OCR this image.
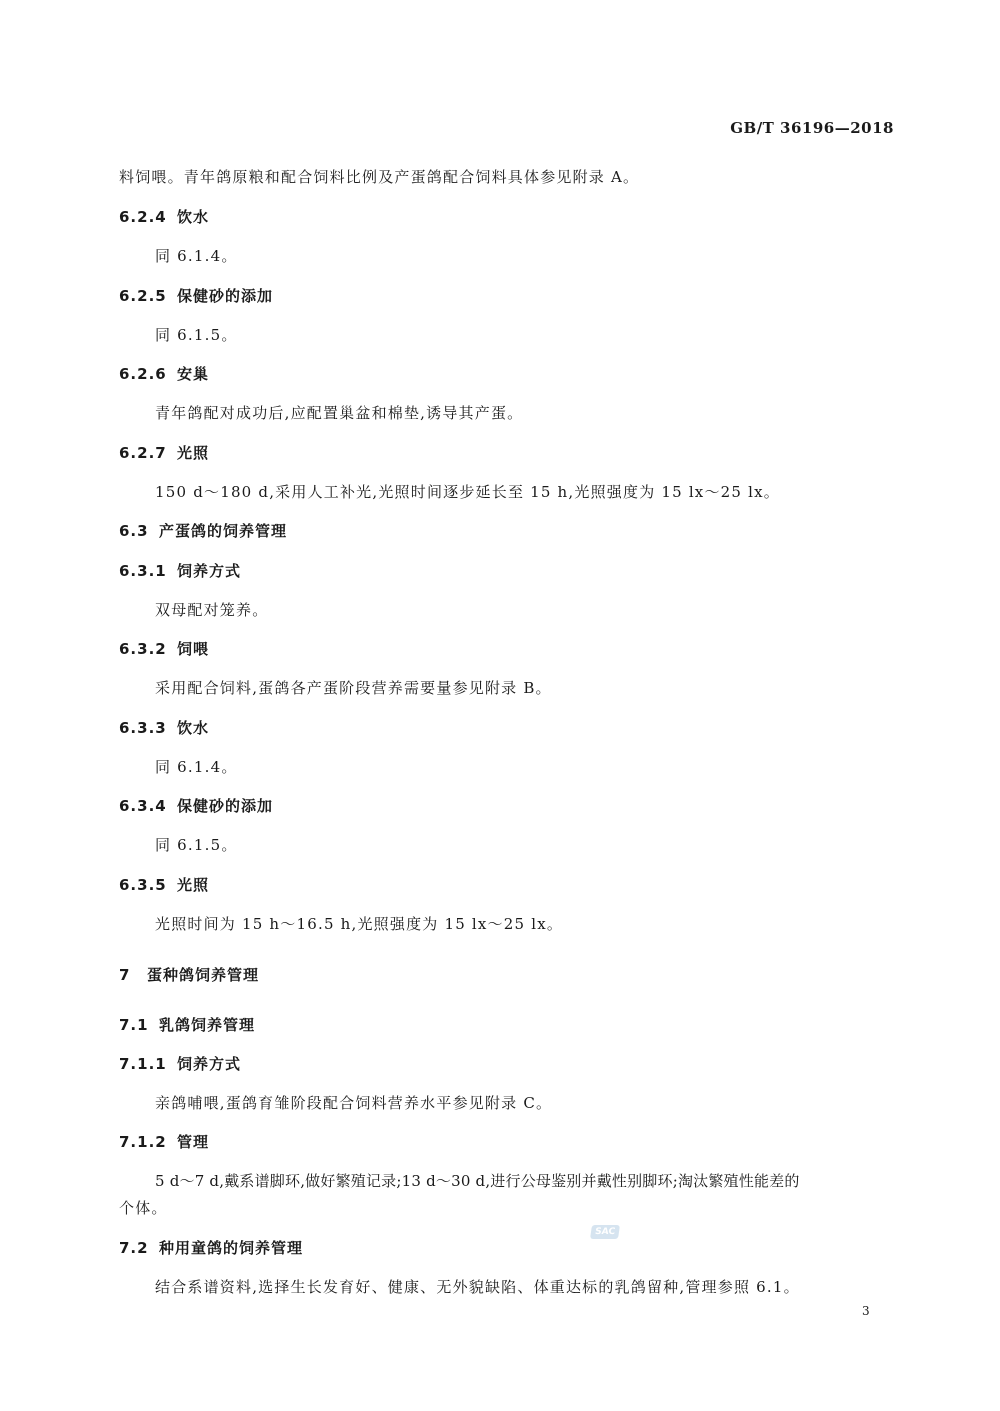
GB/T 36196—2018
料饲喂。青年鸽原粮和配合饲料比例及产蛋鸽配合饲料具体参见附录 A。
6.2.4 饮水
同 6.1.4。
6.2.5 保健砂的添加
同 6.1.5。
6.2.6 安巢
青年鸽配对成功后,应配置巢盆和棉垫,诱导其产蛋。
6.2.7 光照
150 d～180 d,采用人工补光,光照时间逐步延长至 15 h,光照强度为 15 lx～25 lx。
6.3 产蛋鸽的饲养管理
6.3.1 饲养方式
双母配对笼养。
6.3.2 饲喂
采用配合饲料,蛋鸽各产蛋阶段营养需要量参见附录 B。
6.3.3 饮水
同 6.1.4。
6.3.4 保健砂的添加
同 6.1.5。
6.3.5 光照
光照时间为 15 h～16.5 h,光照强度为 15 lx～25 lx。
7 蛋种鸽饲养管理
7.1 乳鸽饲养管理
7.1.1 饲养方式
亲鸽哺喂,蛋鸽育雏阶段配合饲料营养水平参见附录 C。
7.1.2 管理
5 d～7 d,戴系谱脚环,做好繁殖记录;13 d～30 d,进行公母鉴别并戴性别脚环;淘汰繁殖性能差的
个体。
7.2 种用童鸽的饲养管理
结合系谱资料,选择生长发育好、健康、无外貌缺陷、体重达标的乳鸽留种,管理参照 6.1。
SAC
3
